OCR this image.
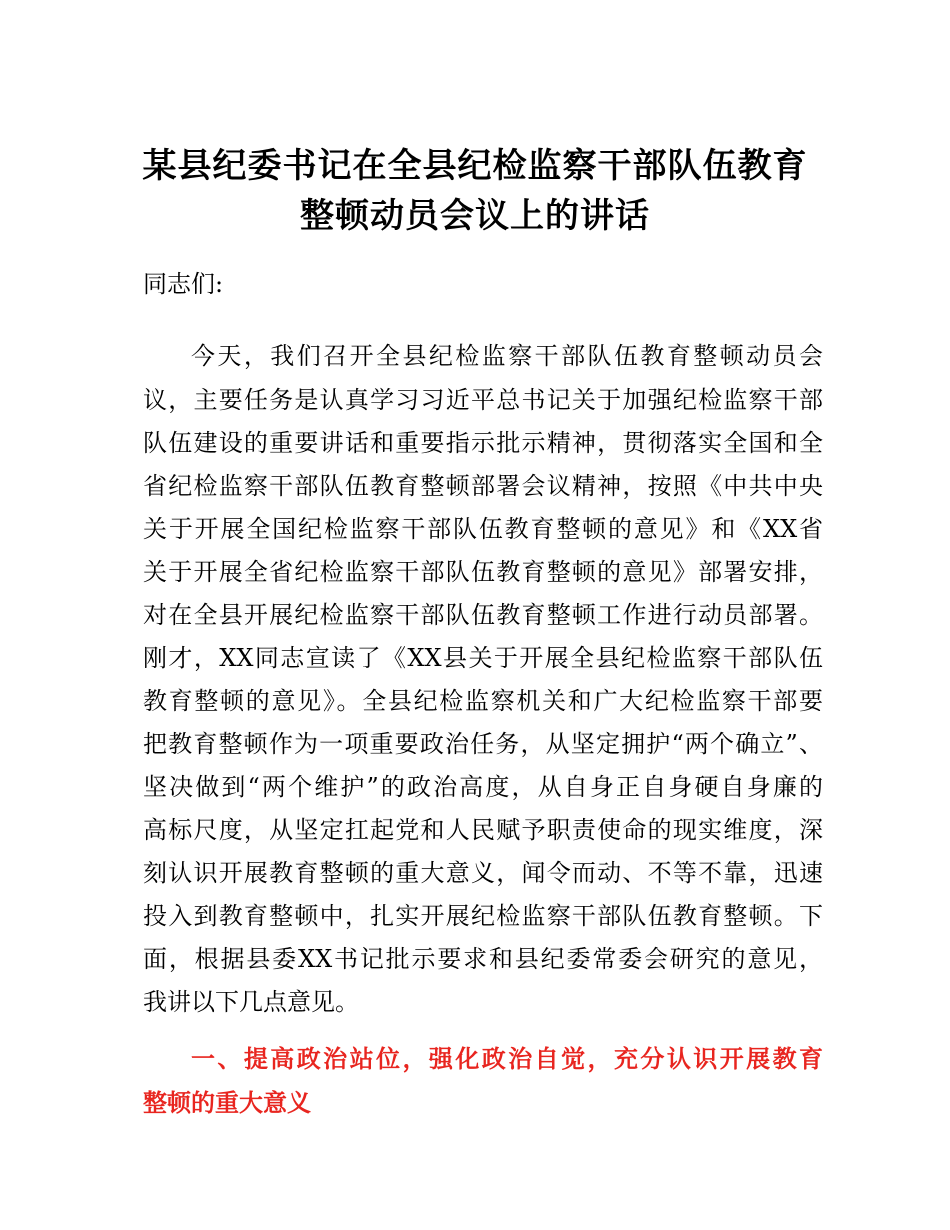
某县纪委书记在全县纪检监察干部队伍教育
整顿动员会议上的讲话

同志们:

今天，我们召开全县纪检监察干部队伍教育整顿动员会

议，主要任务是认真学习习近平总书记关于加强纪检监察干部

队伍建设的重要讲话和重要指示批示精神，贯彻落实全国和全

省纪检监察干部队伍教育整顿部署会议精神，按照《中共中央

关于开展全国纪检监察干部队伍教育整顿的意见》和《XX省

关于开展全省纪检监察干部队伍教育整顿的意见》部署安排，

对在全县开展纪检监察干部队伍教育整顿工作进行动员部署。

刚才，XX同志宣读了《XX县关于开展全县纪检监察干部队伍

教育整顿的意见》。全县纪检监察机关和广大纪检监察干部要

把教育整顿作为一项重要政治任务，从坚定拥护“两个确立”、

坚决做到“两个维护”的政治高度，从自身正自身硬自身廉的

高标尺度，从坚定扛起党和人民赋予职责使命的现实维度，深

刻认识开展教育整顿的重大意义，闻令而动、不等不靠，迅速

投入到教育整顿中，扎实开展纪检监察干部队伍教育整顿。下

面，根据县委XX书记批示要求和县纪委常委会研究的意见，

我讲以下几点意见。

一、提高政治站位，强化政治自觉，充分认识开展教育

整顿的重大意义
